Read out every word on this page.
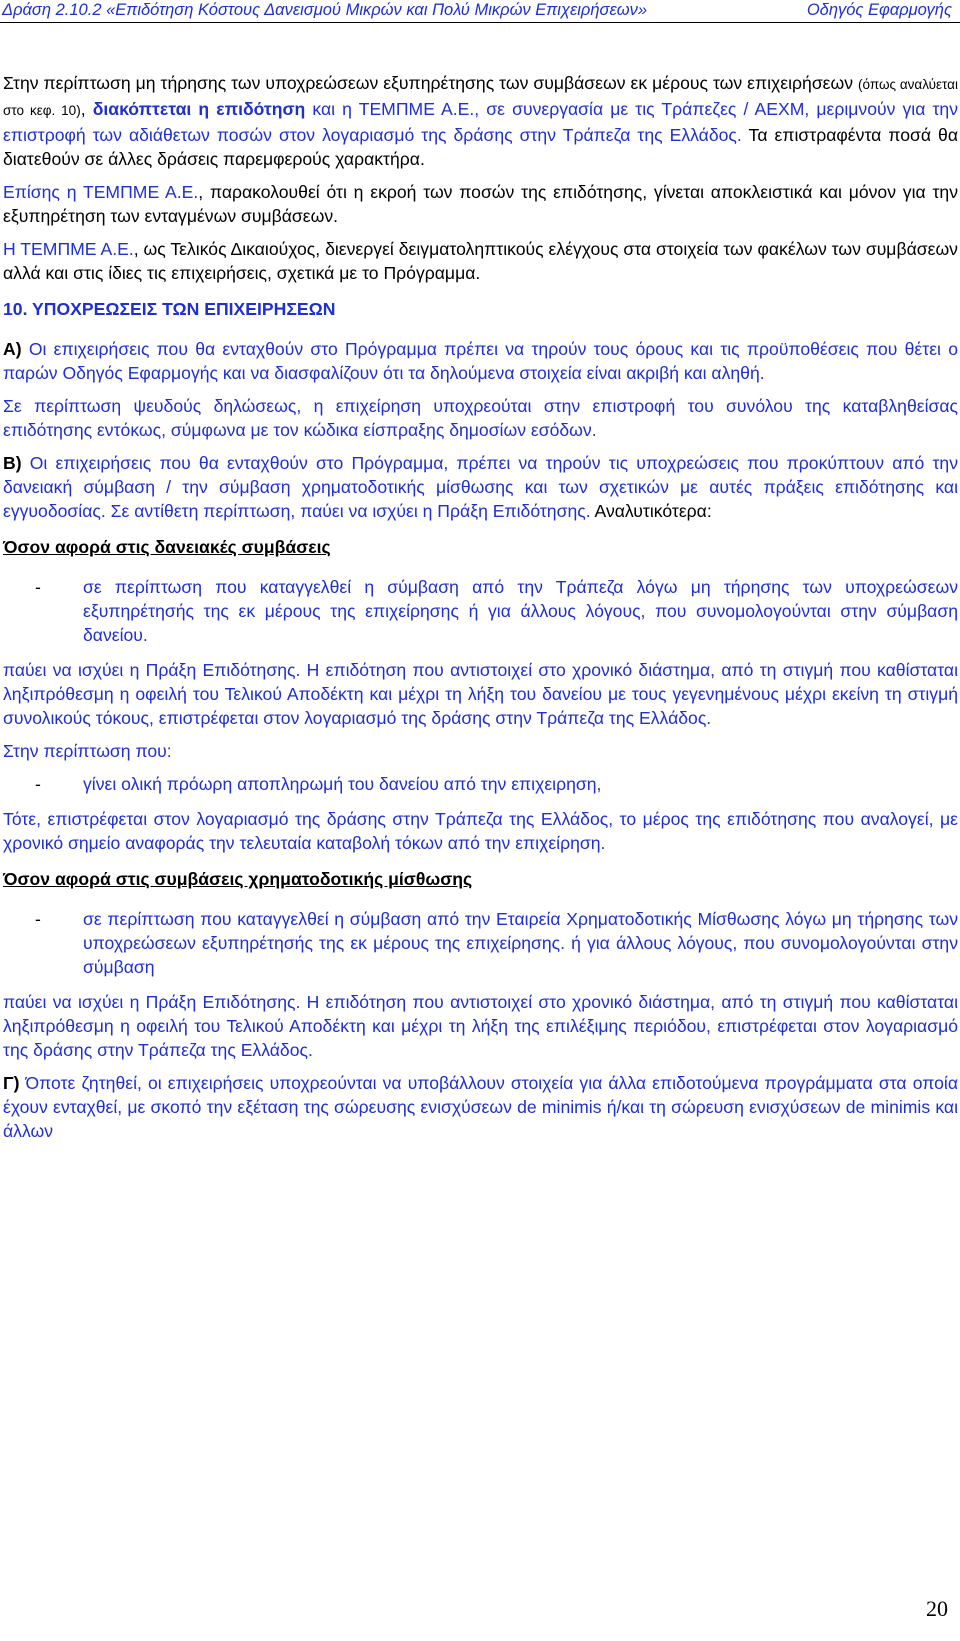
Δράση 2.10.2 «Επιδότηση Κόστους Δανεισμού Μικρών και Πολύ Μικρών Επιχειρήσεων»	Οδηγός Εφαρμογής

Στην περίπτωση μη τήρησης των υποχρεώσεων εξυπηρέτησης των συμβάσεων εκ μέρους των επιχειρήσεων (όπως αναλύεται στο κεφ. 10), διακόπτεται η επιδότηση και η ΤΕΜΠΜΕ Α.Ε., σε συνεργασία με τις Τράπεζες / ΑΕΧΜ, μεριμνούν για την επιστροφή των αδιάθετων ποσών στον λογαριασμό της δράσης στην Τράπεζα της Ελλάδος. Τα επιστραφέντα ποσά θα διατεθούν σε άλλες δράσεις παρεμφερούς χαρακτήρα.

Επίσης η ΤΕΜΠΜΕ Α.Ε., παρακολουθεί ότι η εκροή των ποσών της επιδότησης, γίνεται αποκλειστικά και μόνον για την εξυπηρέτηση των ενταγμένων συμβάσεων.

Η ΤΕΜΠΜΕ Α.Ε., ως Τελικός Δικαιούχος, διενεργεί δειγματοληπτικούς ελέγχους στα στοιχεία των φακέλων των συμβάσεων αλλά και στις ίδιες τις επιχειρήσεις, σχετικά με το Πρόγραμμα.

10. ΥΠΟΧΡΕΩΣΕΙΣ ΤΩΝ ΕΠΙΧΕΙΡΗΣΕΩΝ

Α) Οι επιχειρήσεις που θα ενταχθούν στο Πρόγραμμα πρέπει να τηρούν τους όρους και τις προϋποθέσεις που θέτει ο παρών Οδηγός Εφαρμογής και να διασφαλίζουν ότι τα δηλούμενα στοιχεία είναι ακριβή και αληθή.

Σε περίπτωση ψευδούς δηλώσεως, η επιχείρηση υποχρεούται στην επιστροφή του συνόλου της καταβληθείσας επιδότησης εντόκως, σύμφωνα με τον κώδικα είσπραξης δημοσίων εσόδων.

Β) Οι επιχειρήσεις που θα ενταχθούν στο Πρόγραμμα, πρέπει να τηρούν τις υποχρεώσεις που προκύπτουν από την δανειακή σύμβαση / την σύμβαση χρηματοδοτικής μίσθωσης και των σχετικών με αυτές πράξεις επιδότησης και εγγυοδοσίας. Σε αντίθετη περίπτωση, παύει να ισχύει η Πράξη Επιδότησης. Αναλυτικότερα:

Όσον αφορά στις δανειακές συμβάσεις
- σε περίπτωση που καταγγελθεί η σύμβαση από την Τράπεζα λόγω μη τήρησης των υποχρεώσεων εξυπηρέτησής της εκ μέρους της επιχείρησης ή για άλλους λόγους, που συνομολογούνται στην σύμβαση δανείου.

παύει να ισχύει η Πράξη Επιδότησης. Η επιδότηση που αντιστοιχεί στο χρονικό διάστημα, από τη στιγμή που καθίσταται ληξιπρόθεσμη η οφειλή του Τελικού Αποδέκτη και μέχρι τη λήξη του δανείου με τους γεγενημένους μέχρι εκείνη τη στιγμή συνολικούς τόκους, επιστρέφεται στον λογαριασμό της δράσης στην Τράπεζα της Ελλάδος.

Στην περίπτωση που:

- γίνει ολική πρόωρη αποπληρωμή του δανείου από την επιχειρηση,

Τότε, επιστρέφεται στον λογαριασμό της δράσης στην Τράπεζα της Ελλάδος, το μέρος της επιδότησης που αναλογεί, με χρονικό σημείο αναφοράς την τελευταία καταβολή τόκων από την επιχείρηση.

Όσον αφορά στις συμβάσεις χρηματοδοτικής μίσθωσης
- σε περίπτωση που καταγγελθεί η σύμβαση από την Εταιρεία Χρηματοδοτικής Μίσθωσης λόγω μη τήρησης των υποχρεώσεων εξυπηρέτησής της εκ μέρους της επιχείρησης. ή για άλλους λόγους, που συνομολογούνται στην σύμβαση

παύει να ισχύει η Πράξη Επιδότησης. Η επιδότηση που αντιστοιχεί στο χρονικό διάστημα, από τη στιγμή που καθίσταται ληξιπρόθεσμη η οφειλή του Τελικού Αποδέκτη και μέχρι τη λήξη της επιλέξιμης περιόδου, επιστρέφεται στον λογαριασμό της δράσης στην Τράπεζα της Ελλάδος.

Γ) Όποτε ζητηθεί, οι επιχειρήσεις υποχρεούνται να υποβάλλουν στοιχεία για άλλα επιδοτούμενα προγράμματα στα οποία έχουν ενταχθεί, με σκοπό την εξέταση της σώρευσης ενισχύσεων de minimis ή/και τη σώρευση ενισχύσεων de minimis και άλλων

20
